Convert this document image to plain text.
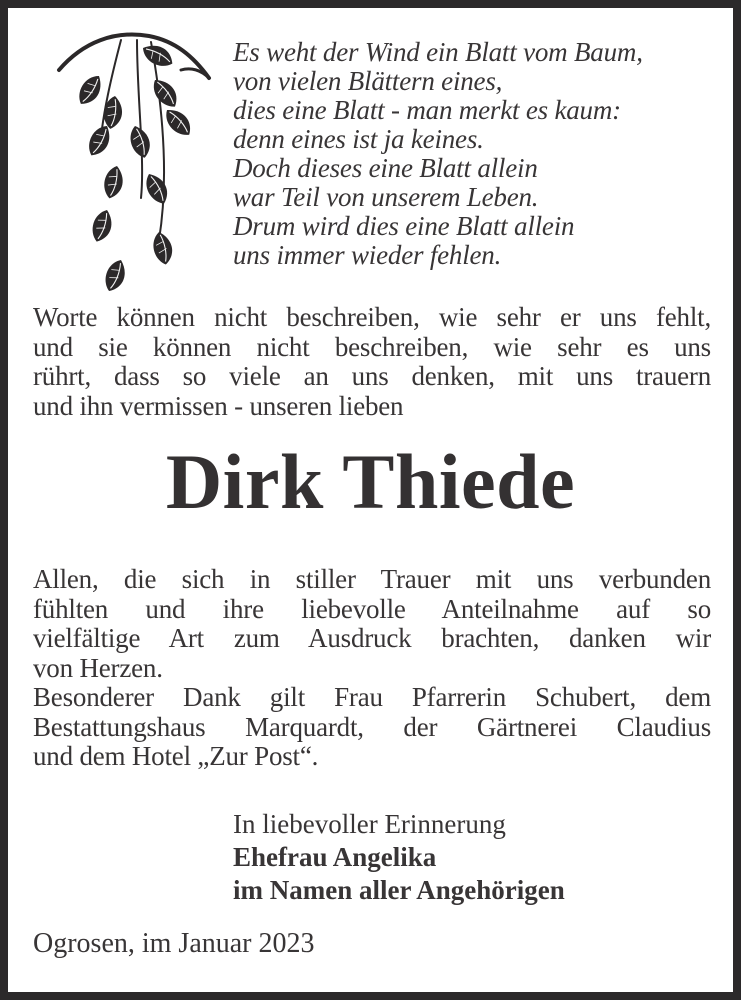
Es weht der Wind ein Blatt vom Baum,
von vielen Blättern eines,
dies eine Blatt - man merkt es kaum:
denn eines ist ja keines.
Doch dieses eine Blatt allein
war Teil von unserem Leben.
Drum wird dies eine Blatt allein
uns immer wieder fehlen.
Worte können nicht beschreiben, wie sehr er uns fehlt,
und sie können nicht beschreiben, wie sehr es uns
rührt, dass so viele an uns denken, mit uns trauern
und ihn vermissen - unseren lieben
Dirk Thiede
Allen, die sich in stiller Trauer mit uns verbunden
fühlten und ihre liebevolle Anteilnahme auf so
vielfältige Art zum Ausdruck brachten, danken wir
von Herzen.
Besonderer Dank gilt Frau Pfarrerin Schubert, dem
Bestattungshaus Marquardt, der Gärtnerei Claudius
und dem Hotel „Zur Post“.
In liebevoller Erinnerung
Ehefrau Angelika
im Namen aller Angehörigen
Ogrosen, im Januar 2023
